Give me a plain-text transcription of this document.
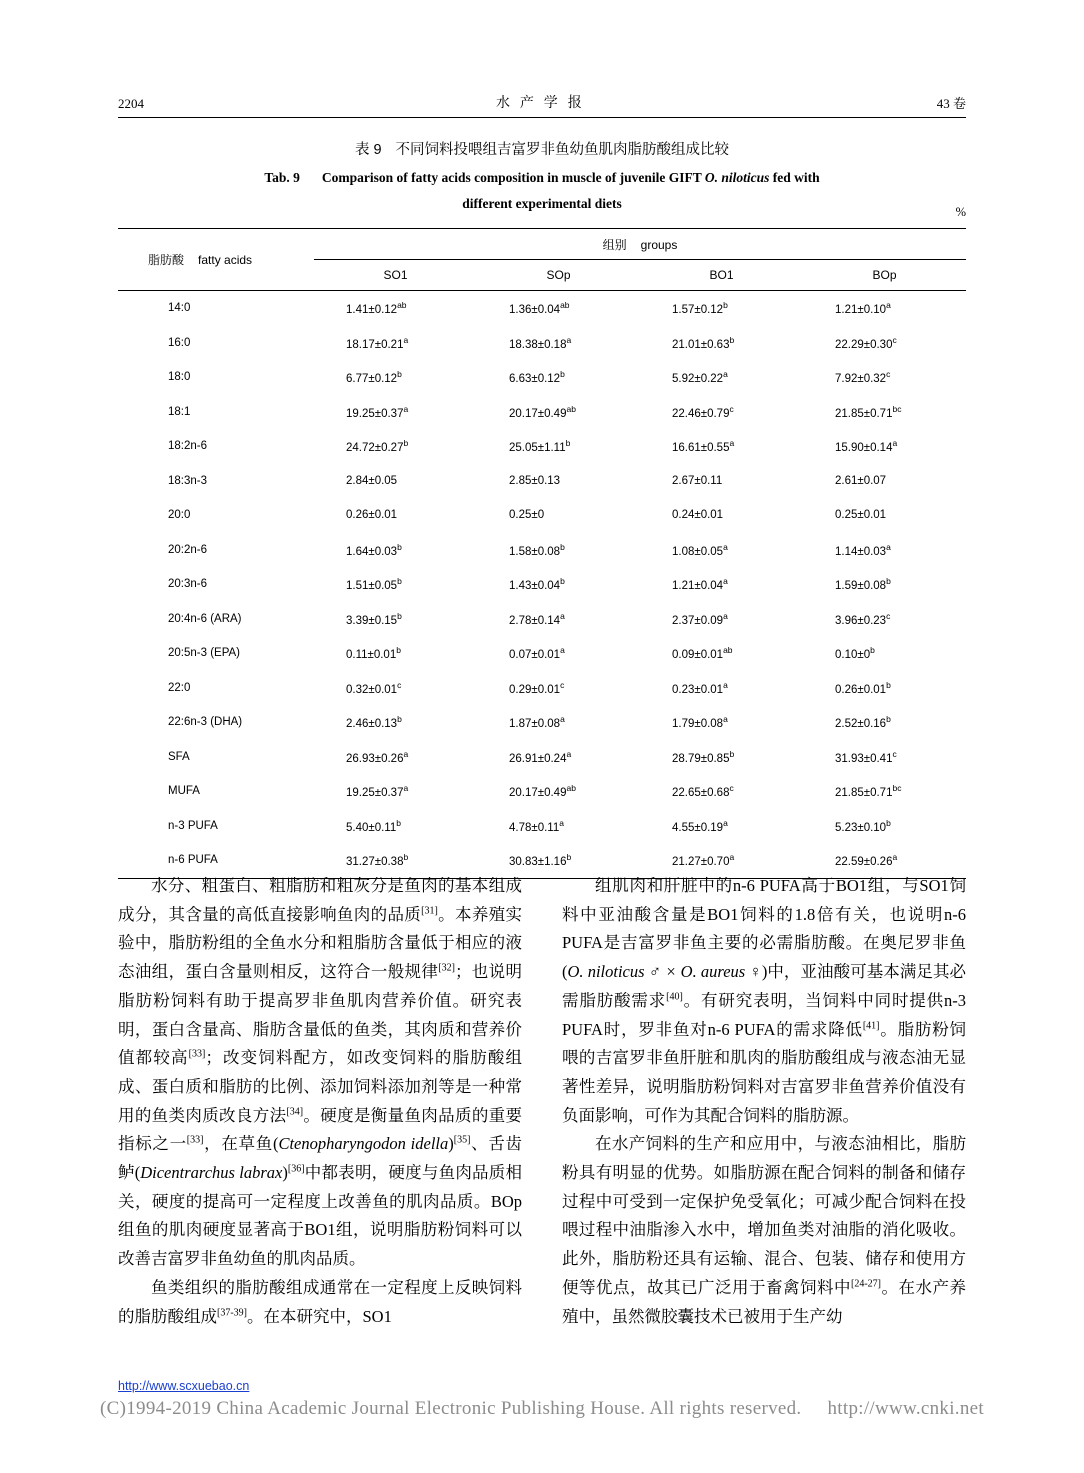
2204	水 产 学 报	43 卷
表 9 不同饲料投喂组吉富罗非鱼幼鱼肌肉脂肪酸组成比较
Tab. 9 Comparison of fatty acids composition in muscle of juvenile GIFT O. niloticus fed with
different experimental diets
%
脂肪酸 fatty acids	组别 groups			
	SO1	SOp	BO1	BOp
14:0	1.41±0.12$^{ab}$	1.36±0.04$^{ab}$	1.57±0.12$^b$	1.21±0.10$^a$
16:0	18.17±0.21$^a$	18.38±0.18$^a$	21.01±0.63$^b$	22.29±0.30$^c$
18:0	6.77±0.12$^b$	6.63±0.12$^b$	5.92±0.22$^a$	7.92±0.32$^c$
18:1	19.25±0.37$^a$	20.17±0.49$^{ab}$	22.46±0.79$^c$	21.85±0.71$^{bc}$
18:2n-6	24.72±0.27$^b$	25.05±1.11$^b$	16.61±0.55$^a$	15.90±0.14$^a$
18:3n-3	2.84±0.05	2.85±0.13	2.67±0.11	2.61±0.07
20:0	0.26±0.01	0.25±0	0.24±0.01	0.25±0.01
20:2n-6	1.64±0.03$^b$	1.58±0.08$^b$	1.08±0.05$^a$	1.14±0.03$^a$
20:3n-6	1.51±0.05$^b$	1.43±0.04$^b$	1.21±0.04$^a$	1.59±0.08$^b$
20:4n-6 (ARA)	3.39±0.15$^b$	2.78±0.14$^a$	2.37±0.09$^a$	3.96±0.23$^c$
20:5n-3 (EPA)	0.11±0.01$^b$	0.07±0.01$^a$	0.09±0.01$^{ab}$	$0.10\pm 0^b$
22:0	0.32±0.01$^c$	0.29±0.01$^c$	0.23±0.01$^a$	0.26±0.01$^b$
22:6n-3 (DHA)	2.46±0.13$^b$	1.87±0.08$^a$	1.79±0.08$^a$	2.52±0.16$^b$
SFA	26.93±0.26$^a$	26.91±0.24$^a$	28.79±0.85$^b$	31.93±0.41$^c$
MUFA	19.25±0.37$^a$	20.17±0.49$^{ab}$	22.65±0.68$^c$	21.85±0.71$^{bc}$
n-3 PUFA	5.40±0.11$^b$	4.78±0.11$^a$	4.55±0.19$^a$	5.23±0.10$^b$
n-6 PUFA	31.27±0.38$^b$	30.83±1.16$^b$	21.27±0.70$^a$	22.59±0.26$^a$

水分、粗蛋白、粗脂肪和粗灰分是鱼肉的基本组成成分，其含量的高低直接影响鱼肉的品质[31]。本养殖实验中，脂肪粉组的全鱼水分和粗脂肪含量低于相应的液态油组，蛋白含量则相反，这符合一般规律[32]；也说明脂肪粉饲料有助于提高罗非鱼肌肉营养价值。研究表明，蛋白含量高、脂肪含量低的鱼类，其肉质和营养价值都较高[33]；改变饲料配方，如改变饲料的脂肪酸组成、蛋白质和脂肪的比例、添加饲料添加剂等是一种常用的鱼类肉质改良方法[34]。硬度是衡量鱼肉品质的重要指标之一[33]，在草鱼(Ctenopharyngodon idella)[35]、舌齿鲈(Dicentrarchus labrax)[36]中都表明，硬度与鱼肉品质相关，硬度的提高可一定程度上改善鱼的肌肉品质。BOp组鱼的肌肉硬度显著高于BO1组，说明脂肪粉饲料可以改善吉富罗非鱼幼鱼的肌肉品质。

鱼类组织的脂肪酸组成通常在一定程度上反映饲料的脂肪酸组成[37-39]。在本研究中，SO1

组肌肉和肝脏中的n-6 PUFA高于BO1组，与SO1饲料中亚油酸含量是BO1饲料的1.8倍有关，也说明n-6 PUFA是吉富罗非鱼主要的必需脂肪酸。在奥尼罗非鱼(O. niloticus ♂ × O. aureus ♀)中，亚油酸可基本满足其必需脂肪酸需求[40]。有研究表明，当饲料中同时提供n-3 PUFA时，罗非鱼对n-6 PUFA的需求降低[41]。脂肪粉饲喂的吉富罗非鱼肝脏和肌肉的脂肪酸组成与液态油无显著性差异，说明脂肪粉饲料对吉富罗非鱼营养价值没有负面影响，可作为其配合饲料的脂肪源。

在水产饲料的生产和应用中，与液态油相比，脂肪粉具有明显的优势。如脂肪源在配合饲料的制备和储存过程中可受到一定保护免受氧化；可减少配合饲料在投喂过程中油脂渗入水中，增加鱼类对油脂的消化吸收。此外，脂肪粉还具有运输、混合、包装、储存和使用方便等优点，故其已广泛用于畜禽饲料中[24-27]。在水产养殖中，虽然微胶囊技术已被用于生产幼

http://www.scxuebao.cn
(C)1994-2019 China Academic Journal Electronic Publishing House. All rights reserved. http://www.cnki.net
